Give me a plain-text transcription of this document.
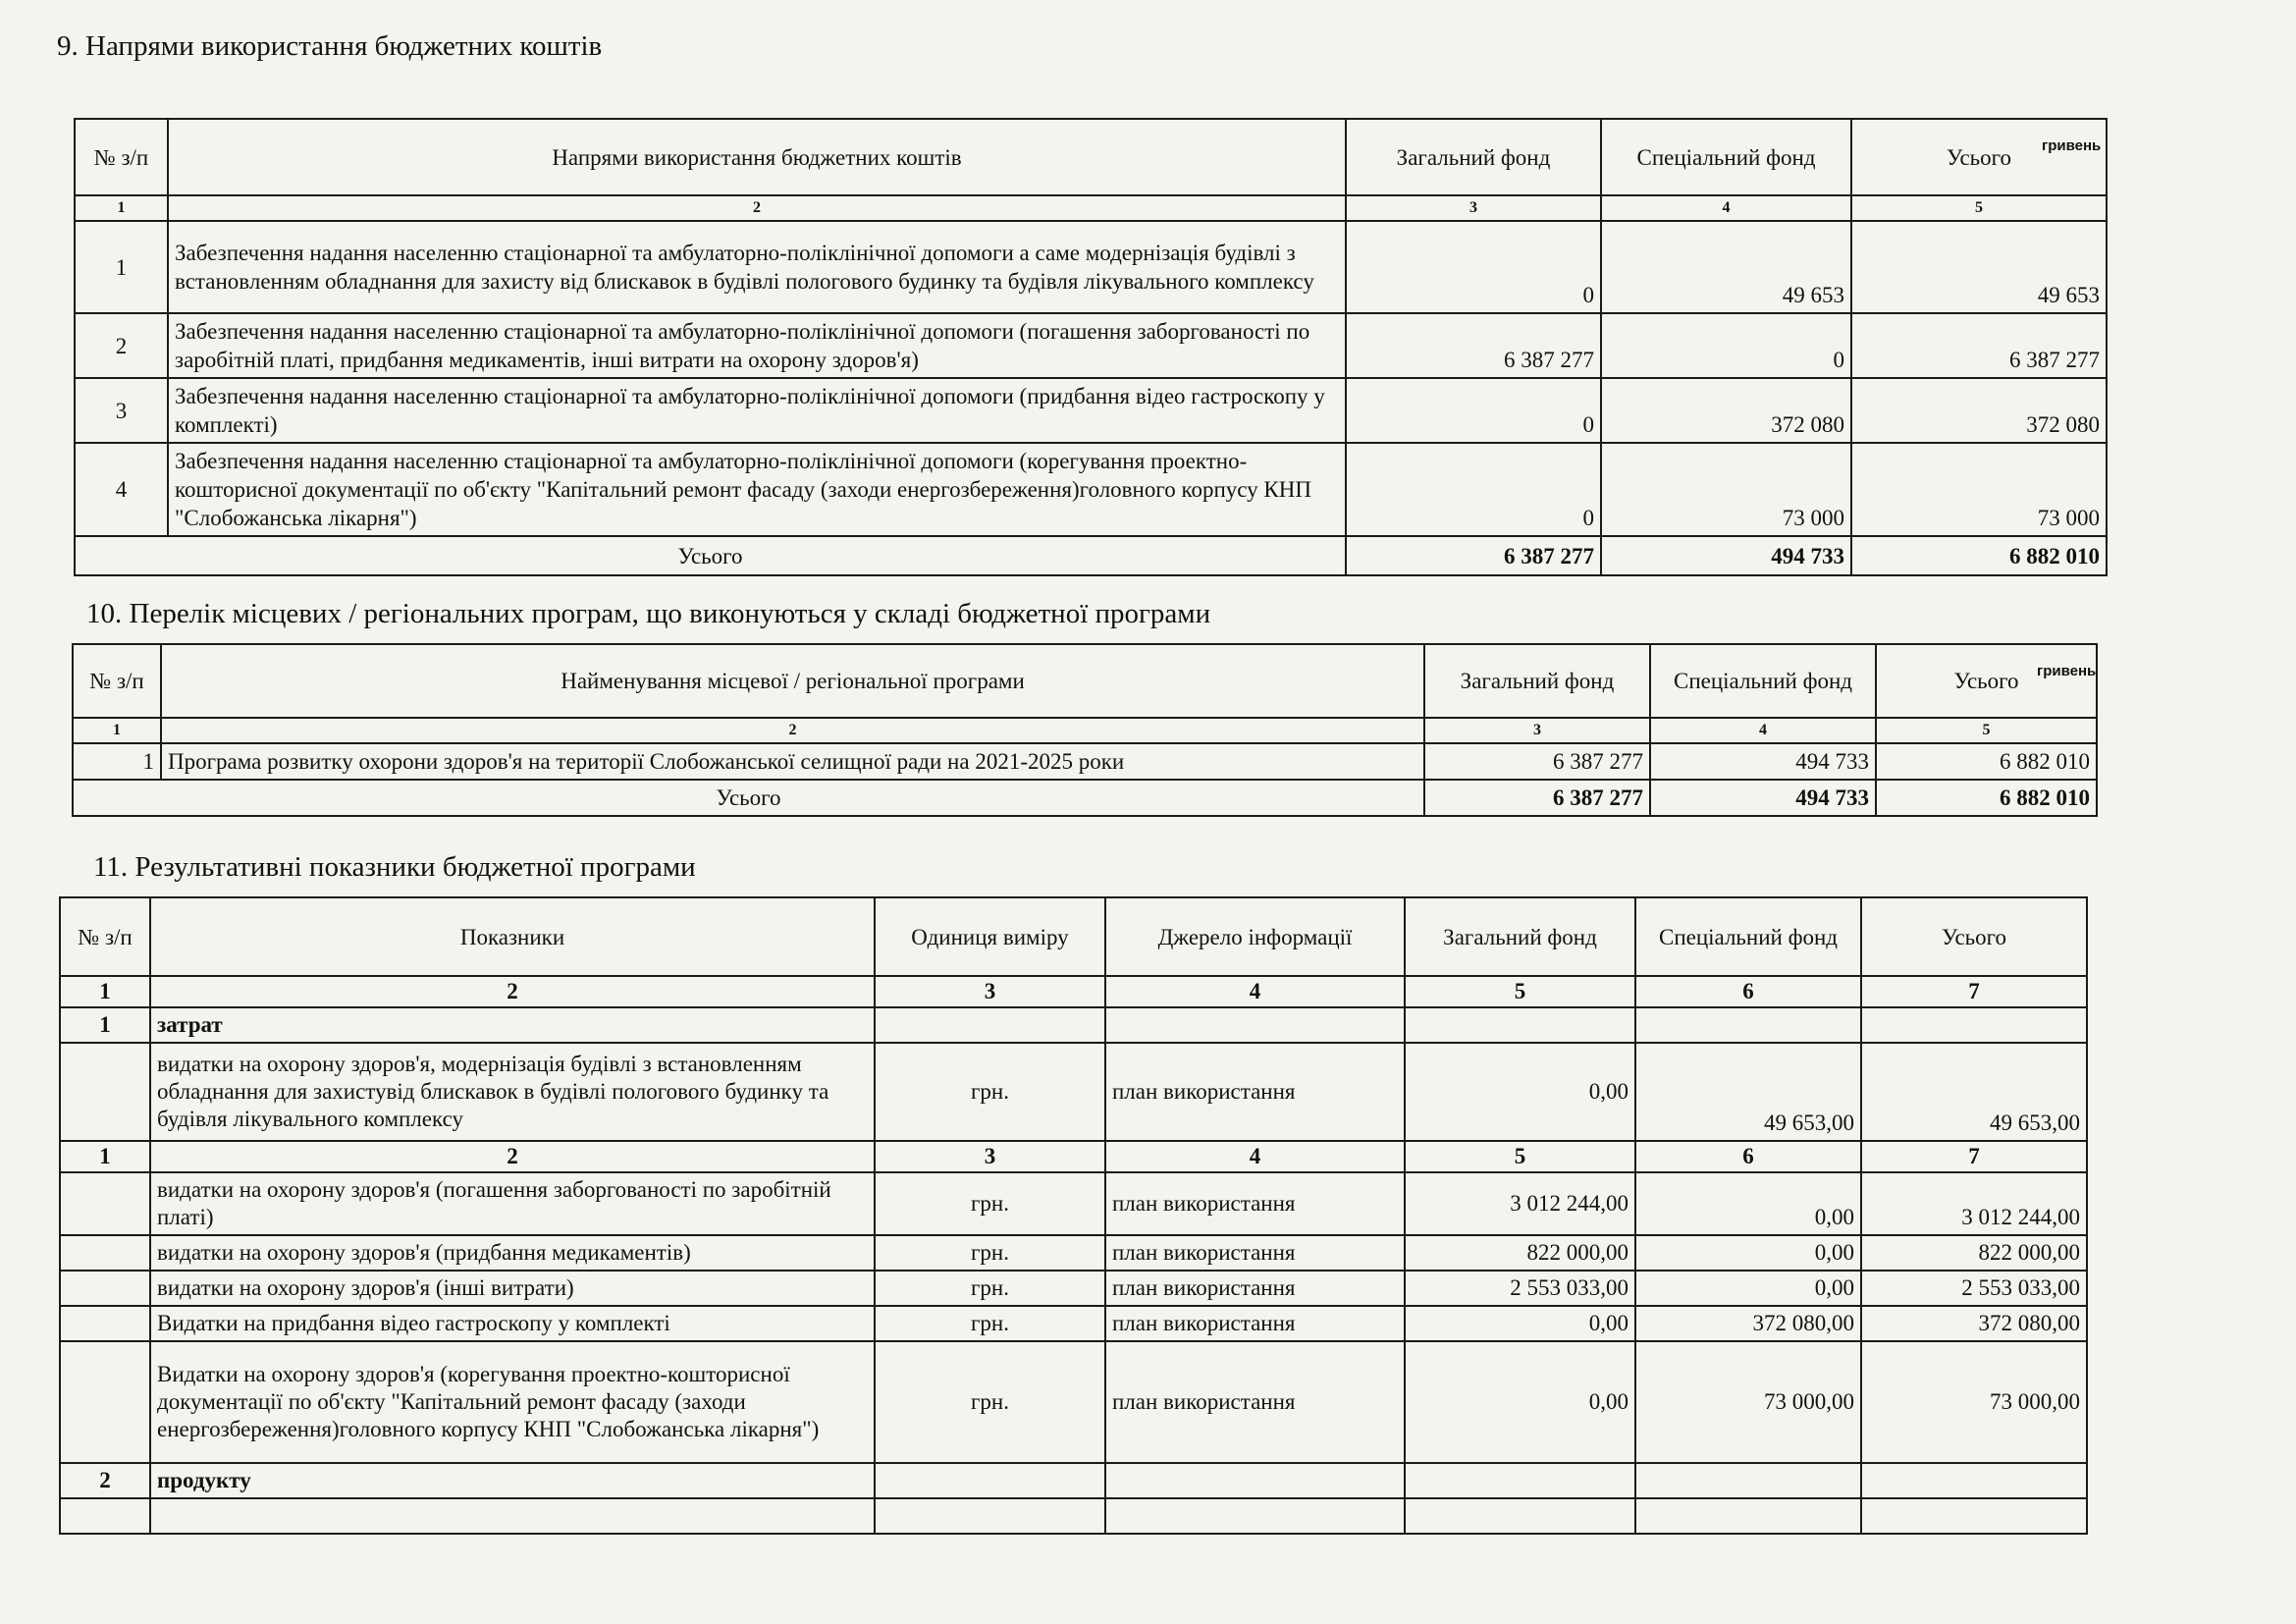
9. Напрями використання бюджетних коштів
гривень
№ з/п	Напрями використання бюджетних коштів	Загальний фонд	Спеціальний фонд	Усього
1	2	3	4	5
1	Забезпечення надання населенню стаціонарної та амбулаторно-поліклінічної допомоги а саме модернізація будівлі з встановленням обладнання для захисту від блискавок в будівлі пологового будинку та будівля лікувального комплексу	0	49 653	49 653
2	Забезпечення надання населенню стаціонарної та амбулаторно-поліклінічної допомоги (погашення заборгованості по заробітній платі, придбання медикаментів, інші витрати на охорону здоров'я)	6 387 277	0	6 387 277
3	Забезпечення надання населенню стаціонарної та амбулаторно-поліклінічної допомоги (придбання відео гастроскопу у комплекті)	0	372 080	372 080
4	Забезпечення надання населенню стаціонарної та амбулаторно-поліклінічної допомоги (корегування проектно-кошторисної документації по об'єкту "Капітальний ремонт фасаду (заходи енергозбереження)головного корпусу КНП "Слобожанська лікарня")	0	73 000	73 000
Усього		6 387 277	494 733	6 882 010
10. Перелік місцевих / регіональних програм, що виконуються у складі бюджетної програми
гривень
№ з/п	Найменування місцевої / регіональної програми	Загальний фонд	Спеціальний фонд	Усього
1	2	3	4	5
1	Програма розвитку охорони здоров'я на території Слобожанської селищної ради на 2021-2025 роки	6 387 277	494 733	6 882 010
Усього		6 387 277	494 733	6 882 010
11. Результативні показники бюджетної програми
№ з/п	Показники	Одиниця виміру	Джерело інформації	Загальний фонд	Спеціальний фонд	Усього
1	2	3	4	5	6	7
1	затрат					
	видатки на охорону здоров'я, модернізація будівлі з встановленням обладнання для захистувід блискавок в будівлі пологового будинку та будівля лікувального комплексу	грн.	план використання	0,00	49 653,00	49 653,00
1	2	3	4	5	6	7
	видатки на охорону здоров'я (погашення заборгованості по заробітній платі)	грн.	план використання	3 012 244,00	0,00	3 012 244,00
	видатки на охорону здоров'я (придбання медикаментів)	грн.	план використання	822 000,00	0,00	822 000,00
	видатки на охорону здоров'я (інші витрати)	грн.	план використання	2 553 033,00	0,00	2 553 033,00
	Видатки на придбання відео гастроскопу у комплекті	грн.	план використання	0,00	372 080,00	372 080,00
	Видатки на охорону здоров'я (корегування проектно-кошторисної документації по об'єкту "Капітальний ремонт фасаду (заходи енергозбереження)головного корпусу КНП "Слобожанська лікарня")	грн.	план використання	0,00	73 000,00	73 000,00
2	продукту					
